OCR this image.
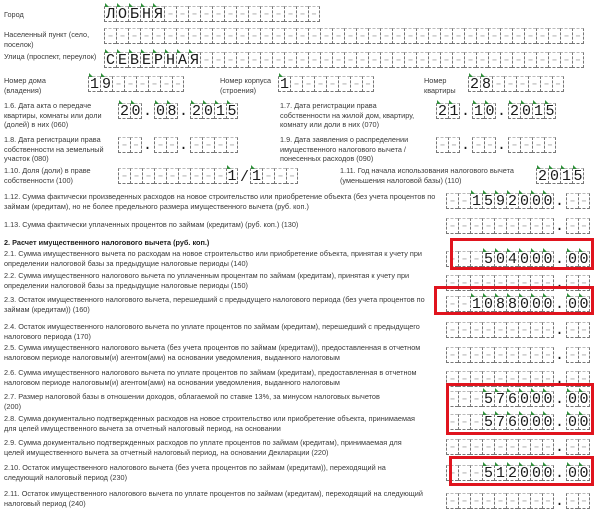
Город	Л О Б Н Я - - - - - - - - - - - - -
Населенный пункт (село, поселок)	- - - - - - - - - - - - - - - - - - - - - - - - - - - - - - - - - - - - - - - -
Улица (проспект, переулок) С Е В Е Р Н А Я - - - - - - - - - - - - - - - - - - - - - - - - - - - - - - - -
Номер дома (владения)	1 9 - - - - - -	Номер корпуса (строения)	1 - - - - - - -	Номер квартиры 2 8 - - - - - -
1.6. Дата акта о передаче квартиры, комнаты или доли (долей) в них (060)
2 0 . 0 8 . 2 0 1 5	1.7. Дата регистрации права собственности на жилой дом, квартиру, комнату или доли в них (070)
2 1 . 1 0 . 2 0 1 5
1.8. Дата регистрации права собственности на земельный участок (080)
- - . - - . - - - -	1.9. Дата заявления о распределении имущественного налогового вычета / понесенных расходов (090)
- - . - - . - - - -
1.10. Доля (доли) в праве собственности (100)	- - - - - - - - - 1 / 1 - - -	1.11. Год начала использования налогового вычета (уменьшения налоговой базы) (110)	2 0 1 5
1.12. Сумма фактически произведенных расходов на новое строительство или приобретение объекта (без учета процентов по займам (кредитам), но не более предельного размера имущественного вычета (руб. коп.)	- - 1 5 9 2 0 0 0 . - -
1.13. Сумма фактически уплаченных процентов по займам (кредитам) (руб. коп.) (130)	- - - - - - - - - . - -
2. Расчет имущественного налогового вычета (руб. коп.)
2.1. Сумма имущественного вычета по расходам на новое строительство или приобретение объекта, принятая к учету при определении налоговой базы за предыдущие налоговые периоды (140)	- - - 5 0 4 0 0 0 . 0 0
2.2. Сумма имущественного налогового вычета по уплаченным процентам по займам (кредитам), принятая к учету при определении налоговой базы за предыдущие налоговые периоды (150)	- - - - - - - - - . - -
2.3. Остаток имущественного налогового вычета, перешедший с предыдущего налогового периода (без учета процентов по займам (кредитам)) (160)	- - 1 0 8 8 0 0 0 . 0 0
2.4. Остаток имущественного налогового вычета по уплате процентов по займам (кредитам), перешедший с предыдущего налогового периода (170)	- - - - - - - - - . - -
2.5. Сумма имущественного налогового вычета (без учета процентов по займам (кредитам)), предоставленная в отчетном налоговом периоде налоговым(и) агентом(ами) на основании уведомления, выданного налоговым	- - - - - - - - - . - -
2.6. Сумма имущественного налогового вычета по уплате процентов по займам (кредитам), предоставленная в отчетном налоговом периоде налоговым(и) агентом(ами) на основании уведомления, выданного налоговым	- - - - - - - - - . - -
2.7. Размер налоговой базы в отношении доходов, облагаемой по ставке 13%, за минусом налоговых вычетов (200)	- - - 5 7 6 0 0 0 . 0 0
2.8. Сумма документально подтвержденных расходов на новое строительство или приобретение объекта, принимаемая для целей имущественного вычета за отчетный налоговый период, на основании	- - - 5 7 6 0 0 0 . 0 0
2.9. Сумма документально подтвержденных расходов по уплате процентов по займам (кредитам), принимаемая для целей имущественного вычета за отчетный налоговый период, на основании Декларации (220)	- - - - - - - - - . - -
2.10. Остаток имущественного налогового вычета (без учета процентов по займам (кредитам)), переходящий на следующий налоговый период (230)	- - - 5 1 2 0 0 0 . 0 0
2.11. Остаток имущественного налогового вычета по уплате процентов по займам (кредитам), переходящий на следующий налоговый период (240)	- - - - - - - - - . - -
